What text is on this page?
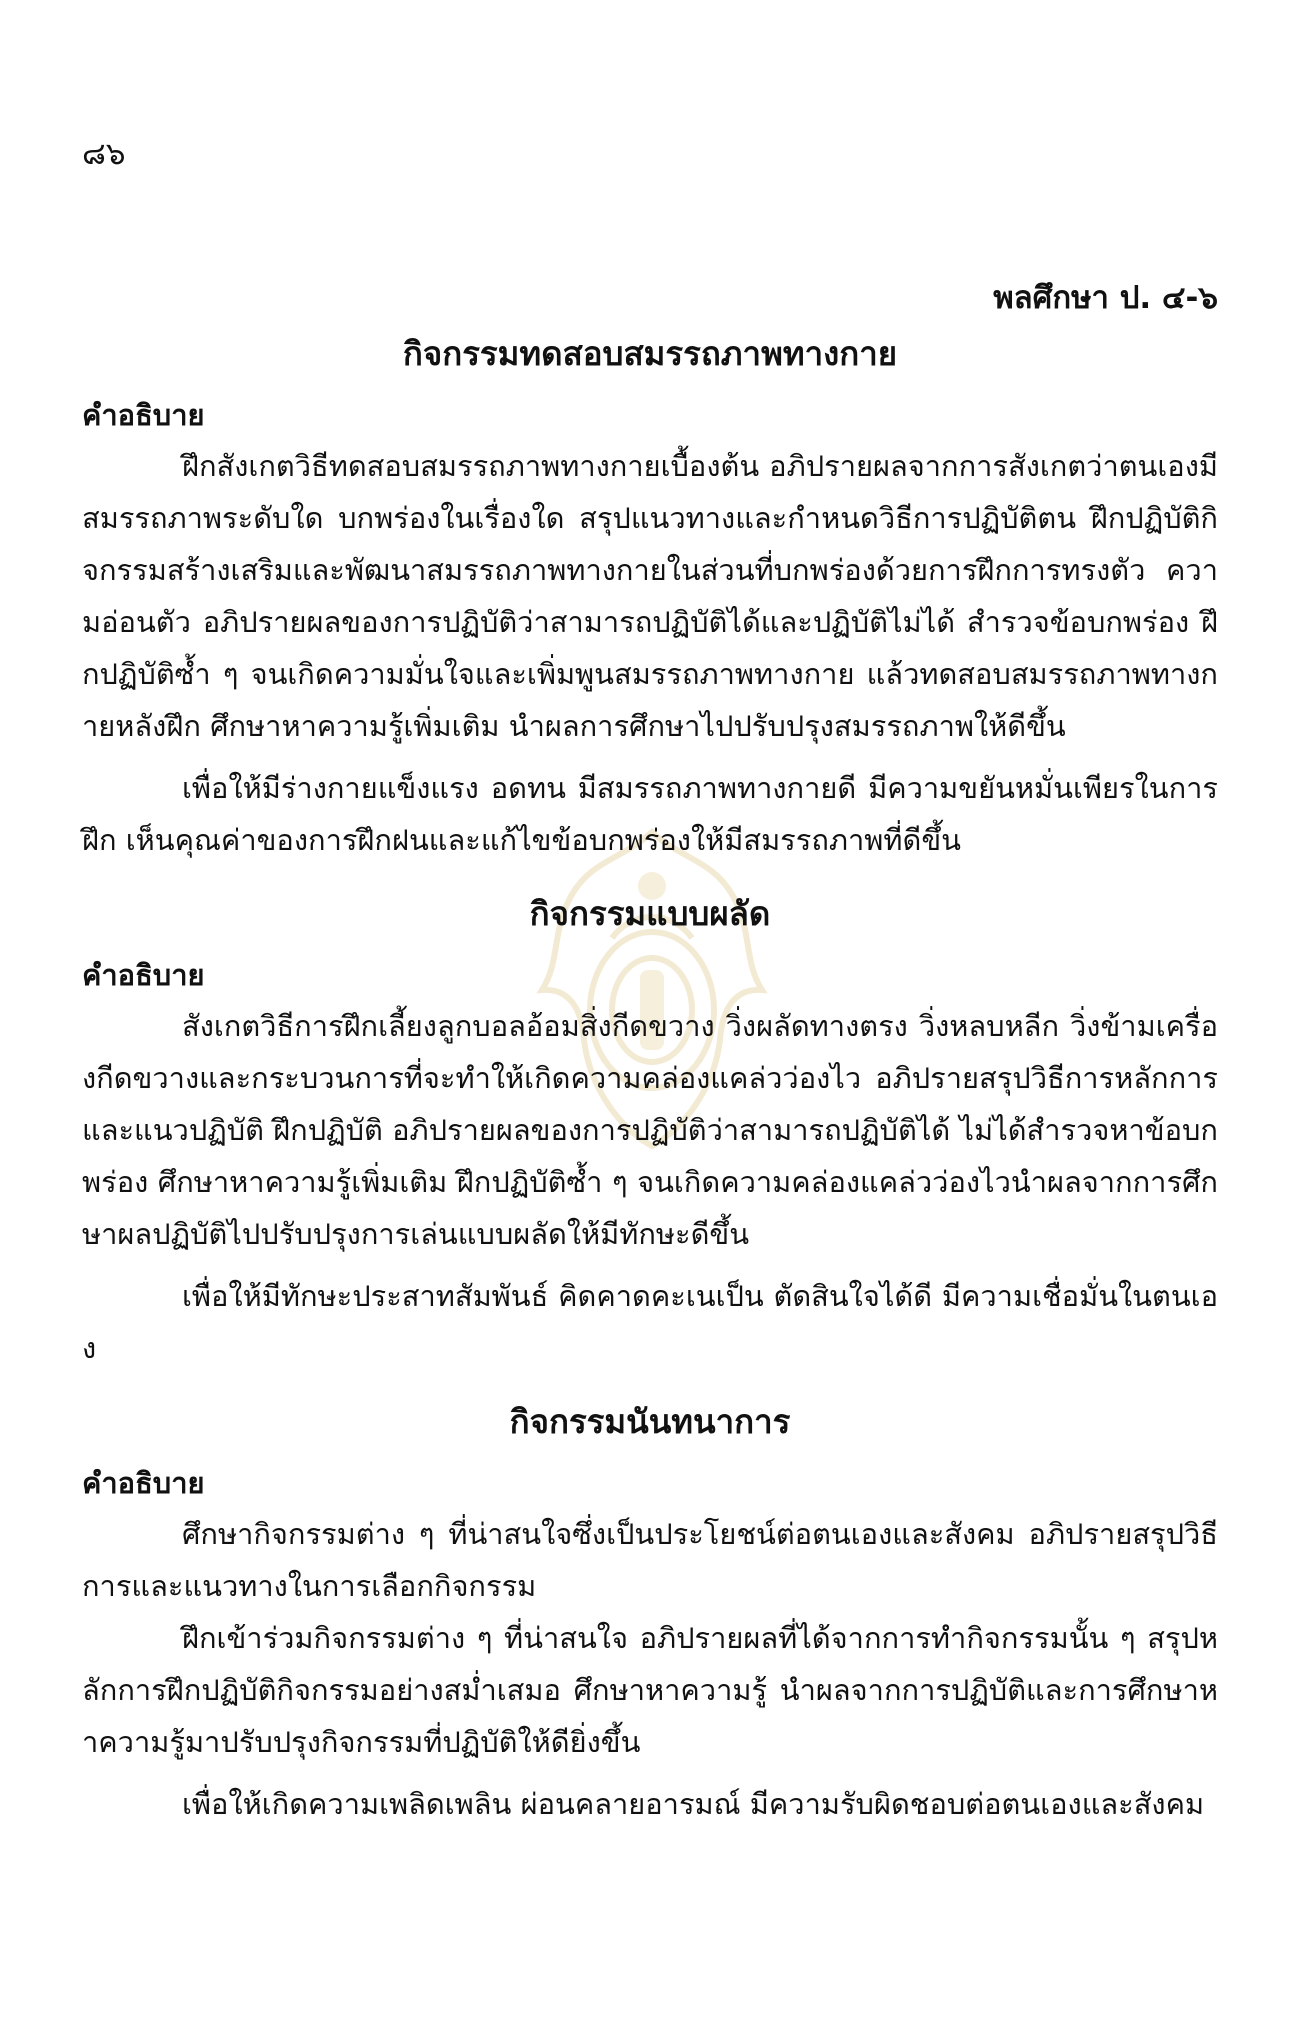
๘๖
พลศึกษา ป. ๔-๖
กิจกรรมทดสอบสมรรถภาพทางกาย
คำอธิบาย

ฝึกสังเกตวิธีทดสอบสมรรถภาพทางกายเบื้องต้น อภิปรายผลจากการสังเกตว่าตนเองมีสมรรถภาพระดับใด บกพร่องในเรื่องใด สรุปแนวทางและกำหนดวิธีการปฏิบัติตน ฝึกปฏิบัติกิจกรรมสร้างเสริมและพัฒนาสมรรถภาพทางกายในส่วนที่บกพร่องด้วยการฝึกการทรงตัว ความอ่อนตัว อภิปรายผลของการปฏิบัติว่าสามารถปฏิบัติได้และปฏิบัติไม่ได้ สำรวจข้อบกพร่อง ฝึกปฏิบัติซ้ำ ๆ จนเกิดความมั่นใจและเพิ่มพูนสมรรถภาพทางกาย แล้วทดสอบสมรรถภาพทางกายหลังฝึก ศึกษาหาความรู้เพิ่มเติม นำผลการศึกษาไปปรับปรุงสมรรถภาพให้ดีขึ้น

เพื่อให้มีร่างกายแข็งแรง อดทน มีสมรรถภาพทางกายดี มีความขยันหมั่นเพียรในการฝึก เห็นคุณค่าของการฝึกฝนและแก้ไขข้อบกพร่องให้มีสมรรถภาพที่ดีขึ้น

กิจกรรมแบบผลัด
คำอธิบาย

สังเกตวิธีการฝึกเลี้ยงลูกบอลอ้อมสิ่งกีดขวาง วิ่งผลัดทางตรง วิ่งหลบหลีก วิ่งข้ามเครื่องกีดขวางและกระบวนการที่จะทำให้เกิดความคล่องแคล่วว่องไว อภิปรายสรุปวิธีการหลักการและแนวปฏิบัติ ฝึกปฏิบัติ อภิปรายผลของการปฏิบัติว่าสามารถปฏิบัติได้ ไม่ได้สำรวจหาข้อบกพร่อง ศึกษาหาความรู้เพิ่มเติม ฝึกปฏิบัติซ้ำ ๆ จนเกิดความคล่องแคล่วว่องไวนำผลจากการศึกษาผลปฏิบัติไปปรับปรุงการเล่นแบบผลัดให้มีทักษะดีขึ้น

เพื่อให้มีทักษะประสาทสัมพันธ์ คิดคาดคะเนเป็น ตัดสินใจได้ดี มีความเชื่อมั่นในตนเอง

กิจกรรมนันทนาการ
คำอธิบาย

ศึกษากิจกรรมต่าง ๆ ที่น่าสนใจซึ่งเป็นประโยชน์ต่อตนเองและสังคม อภิปรายสรุปวิธีการและแนวทางในการเลือกกิจกรรม

ฝึกเข้าร่วมกิจกรรมต่าง ๆ ที่น่าสนใจ อภิปรายผลที่ได้จากการทำกิจกรรมนั้น ๆ สรุปหลักการฝึกปฏิบัติกิจกรรมอย่างสม่ำเสมอ ศึกษาหาความรู้ นำผลจากการปฏิบัติและการศึกษาหาความรู้มาปรับปรุงกิจกรรมที่ปฏิบัติให้ดียิ่งขึ้น

เพื่อให้เกิดความเพลิดเพลิน ผ่อนคลายอารมณ์ มีความรับผิดชอบต่อตนเองและสังคม
